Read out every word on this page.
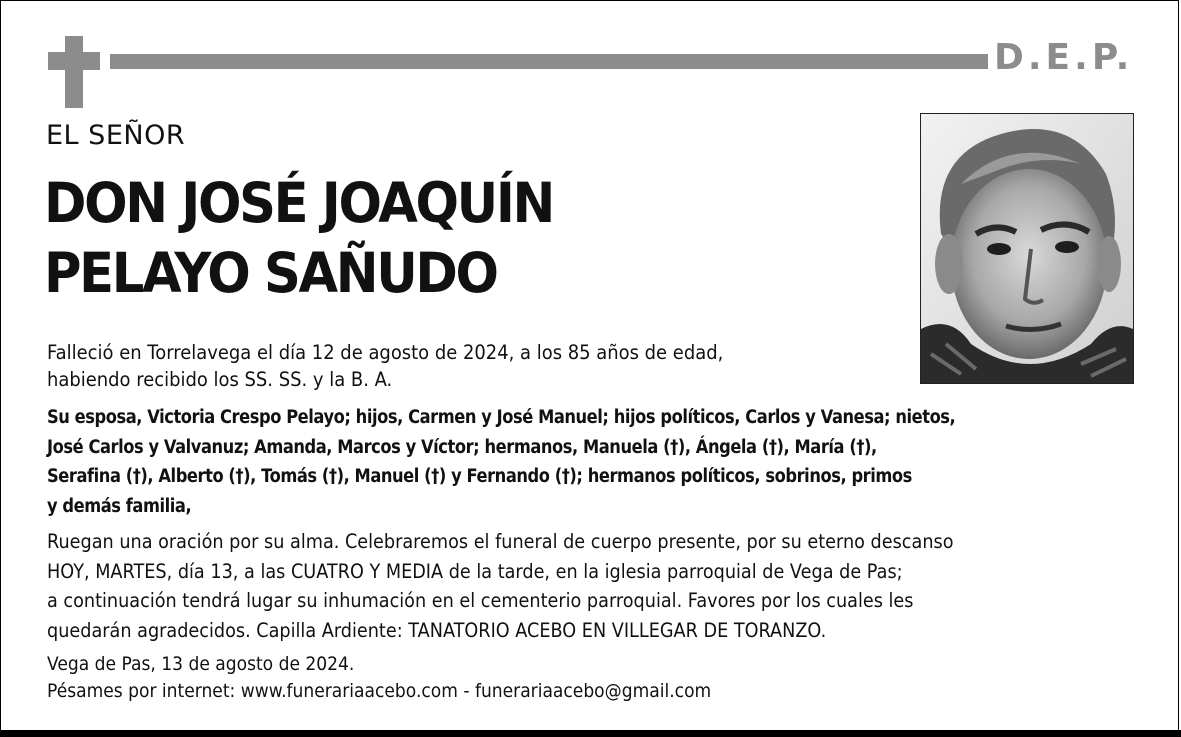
D.E.P.
EL SEÑOR
DON JOSÉ JOAQUÍN
PELAYO SAÑUDO
Falleció en Torrelavega el día 12 de agosto de 2024, a los 85 años de edad,
habiendo recibido los SS. SS. y la B. A.
Su esposa, Victoria Crespo Pelayo; hijos, Carmen y José Manuel; hijos políticos, Carlos y Vanesa; nietos,
José Carlos y Valvanuz; Amanda, Marcos y Víctor; hermanos, Manuela (†), Ángela (†), María (†),
Serafina (†), Alberto (†), Tomás (†), Manuel (†) y Fernando (†); hermanos políticos, sobrinos, primos
y demás familia,
Ruegan una oración por su alma. Celebraremos el funeral de cuerpo presente, por su eterno descanso
HOY, MARTES, día 13, a las CUATRO Y MEDIA de la tarde, en la iglesia parroquial de Vega de Pas;
a continuación tendrá lugar su inhumación en el cementerio parroquial. Favores por los cuales les
quedarán agradecidos. Capilla Ardiente: TANATORIO ACEBO EN VILLEGAR DE TORANZO.
Vega de Pas, 13 de agosto de 2024.
Pésames por internet: www.funerariaacebo.com - funerariaacebo@gmail.com
